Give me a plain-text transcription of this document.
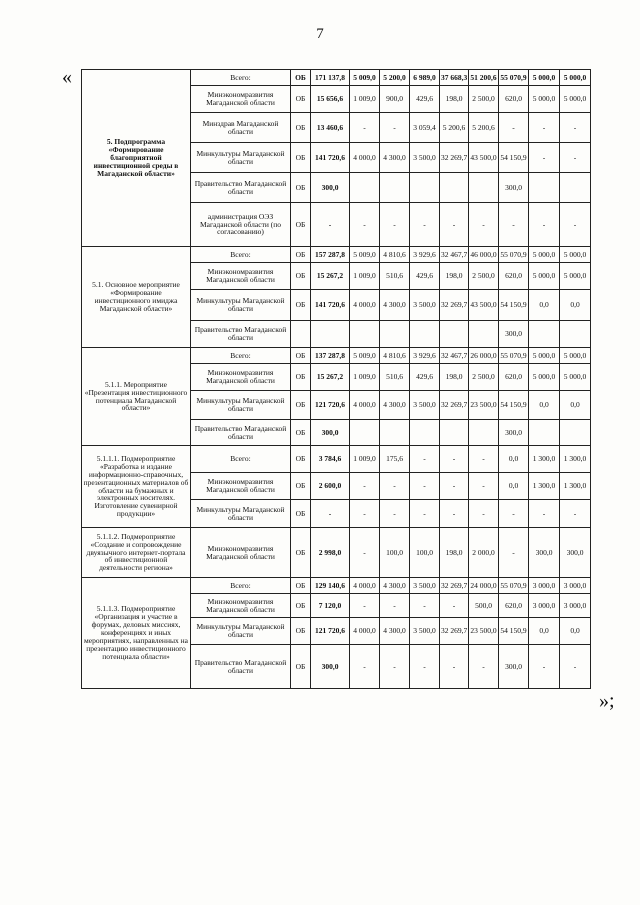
7
«
»;
5. Подпрограмма «Формирование благоприятной инвестиционной среды в Магаданской области»	Всего:	ОБ	171 137,8	5 009,0	5 200,0	6 989,0	37 668,3	51 200,6	55 070,9	5 000,0	5 000,0
	Минэкономразвития Магаданской области	ОБ	15 656,6	1 009,0	900,0	429,6	198,0	2 500,0	620,0	5 000,0	5 000,0
	Минздрав Магаданской области	ОБ	13 460,6	-	-	3 059,4	5 200,6	5 200,6	-	-	-
	Минкультуры Магаданской области	ОБ	141 720,6	4 000,0	4 300,0	3 500,0	32 269,7	43 500,0	54 150,9	-	-
	Правительство Магаданской области	ОБ	300,0						300,0		
	администрация ОЭЗ Магаданской области (по согласованию)	ОБ	-	-	-	-	-	-	-	-	-
5.1. Основное мероприятие «Формирование инвестиционного имиджа Магаданской области»	Всего:	ОБ	157 287,8	5 009,0	4 810,6	3 929,6	32 467,7	46 000,0	55 070,9	5 000,0	5 000,0
	Минэкономразвития Магаданской области	ОБ	15 267,2	1 009,0	510,6	429,6	198,0	2 500,0	620,0	5 000,0	5 000,0
	Минкультуры Магаданской области	ОБ	141 720,6	4 000,0	4 300,0	3 500,0	32 269,7	43 500,0	54 150,9	0,0	0,0
	Правительство Магаданской области								300,0		
5.1.1. Мероприятие «Презентация инвестиционного потенциала Магаданской области»	Всего:	ОБ	137 287,8	5 009,0	4 810,6	3 929,6	32 467,7	26 000,0	55 070,9	5 000,0	5 000,0
	Минэкономразвития Магаданской области	ОБ	15 267,2	1 009,0	510,6	429,6	198,0	2 500,0	620,0	5 000,0	5 000,0
	Минкультуры Магаданской области	ОБ	121 720,6	4 000,0	4 300,0	3 500,0	32 269,7	23 500,0	54 150,9	0,0	0,0
	Правительство Магаданской области	ОБ	300,0						300,0		
5.1.1.1. Подмероприятие «Разработка и издание информационно-справочных, презентационных материалов об области на бумажных и электронных носителях. Изготовление сувенирной продукции»	Всего:	ОБ	3 784,6	1 009,0	175,6	-	-	-	0,0	1 300,0	1 300,0
	Минэкономразвития Магаданской области	ОБ	2 600,0	-	-	-	-	-	0,0	1 300,0	1 300,0
	Минкультуры Магаданской области	ОБ	-	-	-	-	-	-	-	-	-
5.1.1.2. Подмероприятие «Создание и сопровождение двуязычного интернет-портала об инвестиционной деятельности региона»	Минэкономразвития Магаданской области	ОБ	2 998,0	-	100,0	100,0	198,0	2 000,0	-	300,0	300,0
5.1.1.3. Подмероприятие «Организация и участие в форумах, деловых миссиях, конференциях и иных мероприятиях, направленных на презентацию инвестиционного потенциала области»	Всего:	ОБ	129 140,6	4 000,0	4 300,0	3 500,0	32 269,7	24 000,0	55 070,9	3 000,0	3 000,0
	Минэкономразвития Магаданской области	ОБ	7 120,0	-	-	-	-	500,0	620,0	3 000,0	3 000,0
	Минкультуры Магаданской области	ОБ	121 720,6	4 000,0	4 300,0	3 500,0	32 269,7	23 500,0	54 150,9	0,0	0,0
	Правительство Магаданской области	ОБ	300,0	-	-	-	-	-	300,0	-	-
